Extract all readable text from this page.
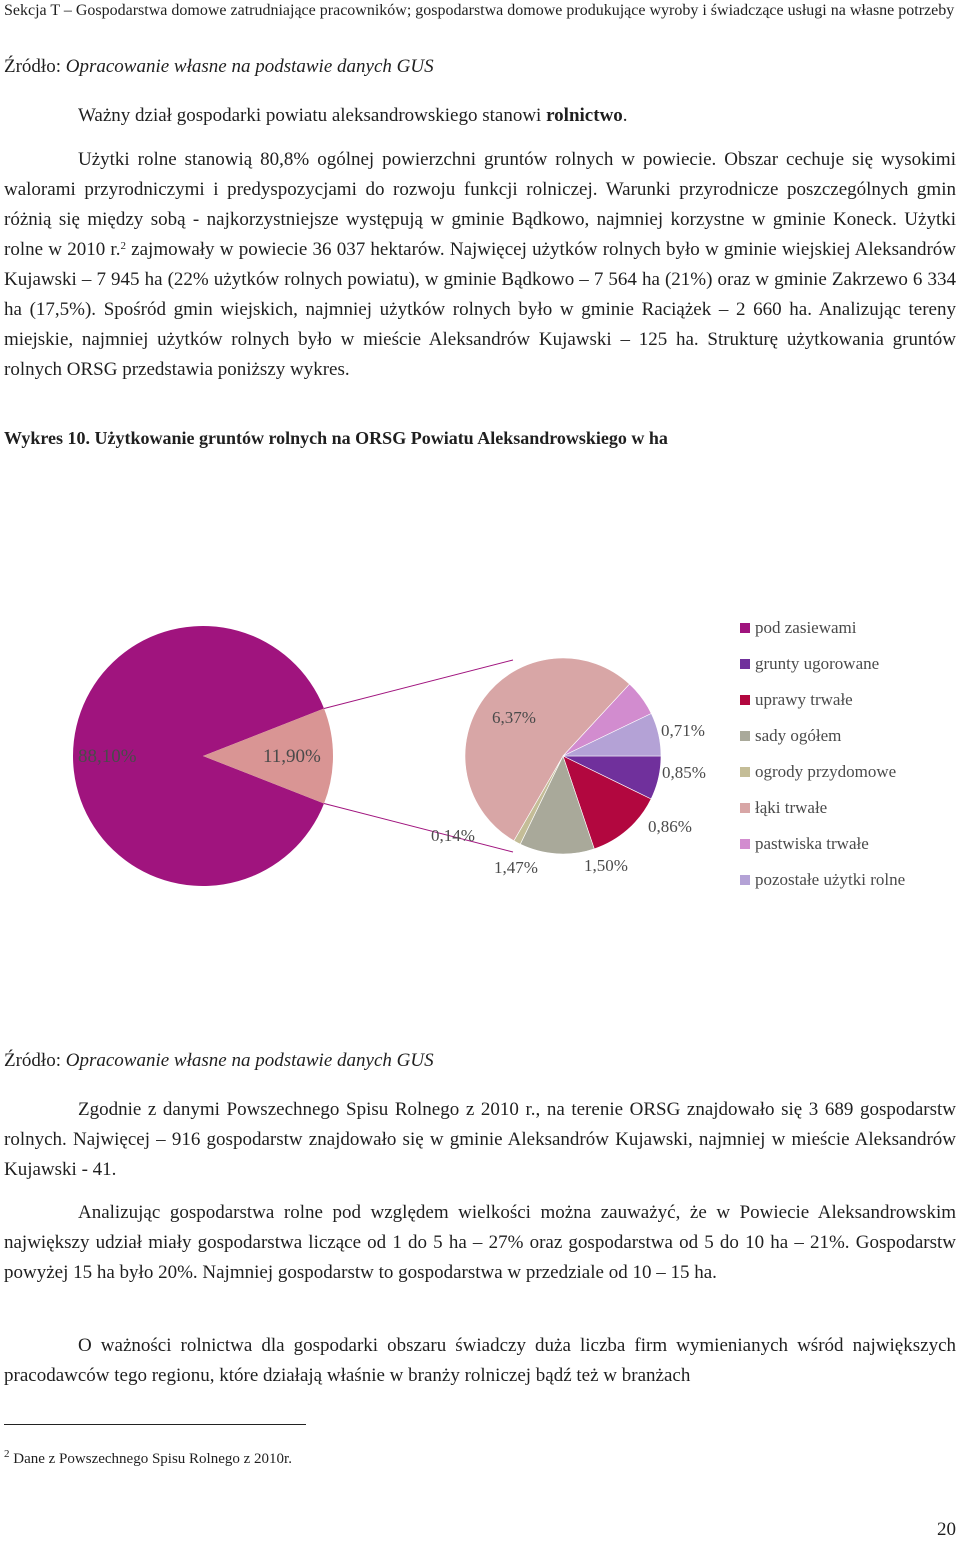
Sekcja T – Gospodarstwa domowe zatrudniające pracowników; gospodarstwa domowe produkujące wyroby i świadczące usługi na własne potrzeby
Źródło: Opracowanie własne na podstawie danych GUS

Ważny dział gospodarki powiatu aleksandrowskiego stanowi rolnictwo.

Użytki rolne stanowią 80,8% ogólnej powierzchni gruntów rolnych w powiecie. Obszar cechuje się wysokimi walorami przyrodniczymi i predyspozycjami do rozwoju funkcji rolniczej. Warunki przyrodnicze poszczególnych gmin różnią się między sobą - najkorzystniejsze występują w gminie Bądkowo, najmniej korzystne w gminie Koneck. Użytki rolne w 2010 r.$^2$ zajmowały w powiecie 36 037 hektarów. Najwięcej użytków rolnych było w gminie wiejskiej Aleksandrów Kujawski – 7 945 ha (22% użytków rolnych powiatu), w gminie Bądkowo – 7 564 ha (21%) oraz w gminie Zakrzewo 6 334 ha (17,5%). Spośród gmin wiejskich, najmniej użytków rolnych było w gminie Raciążek – 2 660 ha. Analizując tereny miejskie, najmniej użytków rolnych było w mieście Aleksandrów Kujawski – 125 ha. Strukturę użytkowania gruntów rolnych ORSG przedstawia poniższy wykres.

Wykres 10. Użytkowanie gruntów rolnych na ORSG Powiatu Aleksandrowskiego w ha
88,10%	11,90%
0,86%
1,50%
1,47%
0,14%
6,37%
0,71%
0,85%
pod zasiewami
grunty ugorowane
uprawy trwałe
sady ogółem
ogrody przydomowe
łąki trwałe
pastwiska trwałe
pozostałe użytki rolne
Źródło: Opracowanie własne na podstawie danych GUS

Zgodnie z danymi Powszechnego Spisu Rolnego z 2010 r., na terenie ORSG znajdowało się 3 689 gospodarstw rolnych. Najwięcej – 916 gospodarstw znajdowało się w gminie Aleksandrów Kujawski, najmniej w mieście Aleksandrów Kujawski - 41.

Analizując gospodarstwa rolne pod względem wielkości można zauważyć, że w Powiecie Aleksandrowskim największy udział miały gospodarstwa liczące od 1 do 5 ha – 27% oraz gospodarstwa od 5 do 10 ha – 21%. Gospodarstw powyżej 15 ha było 20%. Najmniej gospodarstw to gospodarstwa w przedziale od 10 – 15 ha.

O ważności rolnictwa dla gospodarki obszaru świadczy duża liczba firm wymienianych wśród największych pracodawców tego regionu, które działają właśnie w branży rolniczej bądź też w branżach

$^2$ Dane z Powszechnego Spisu Rolnego z 2010r.
20
